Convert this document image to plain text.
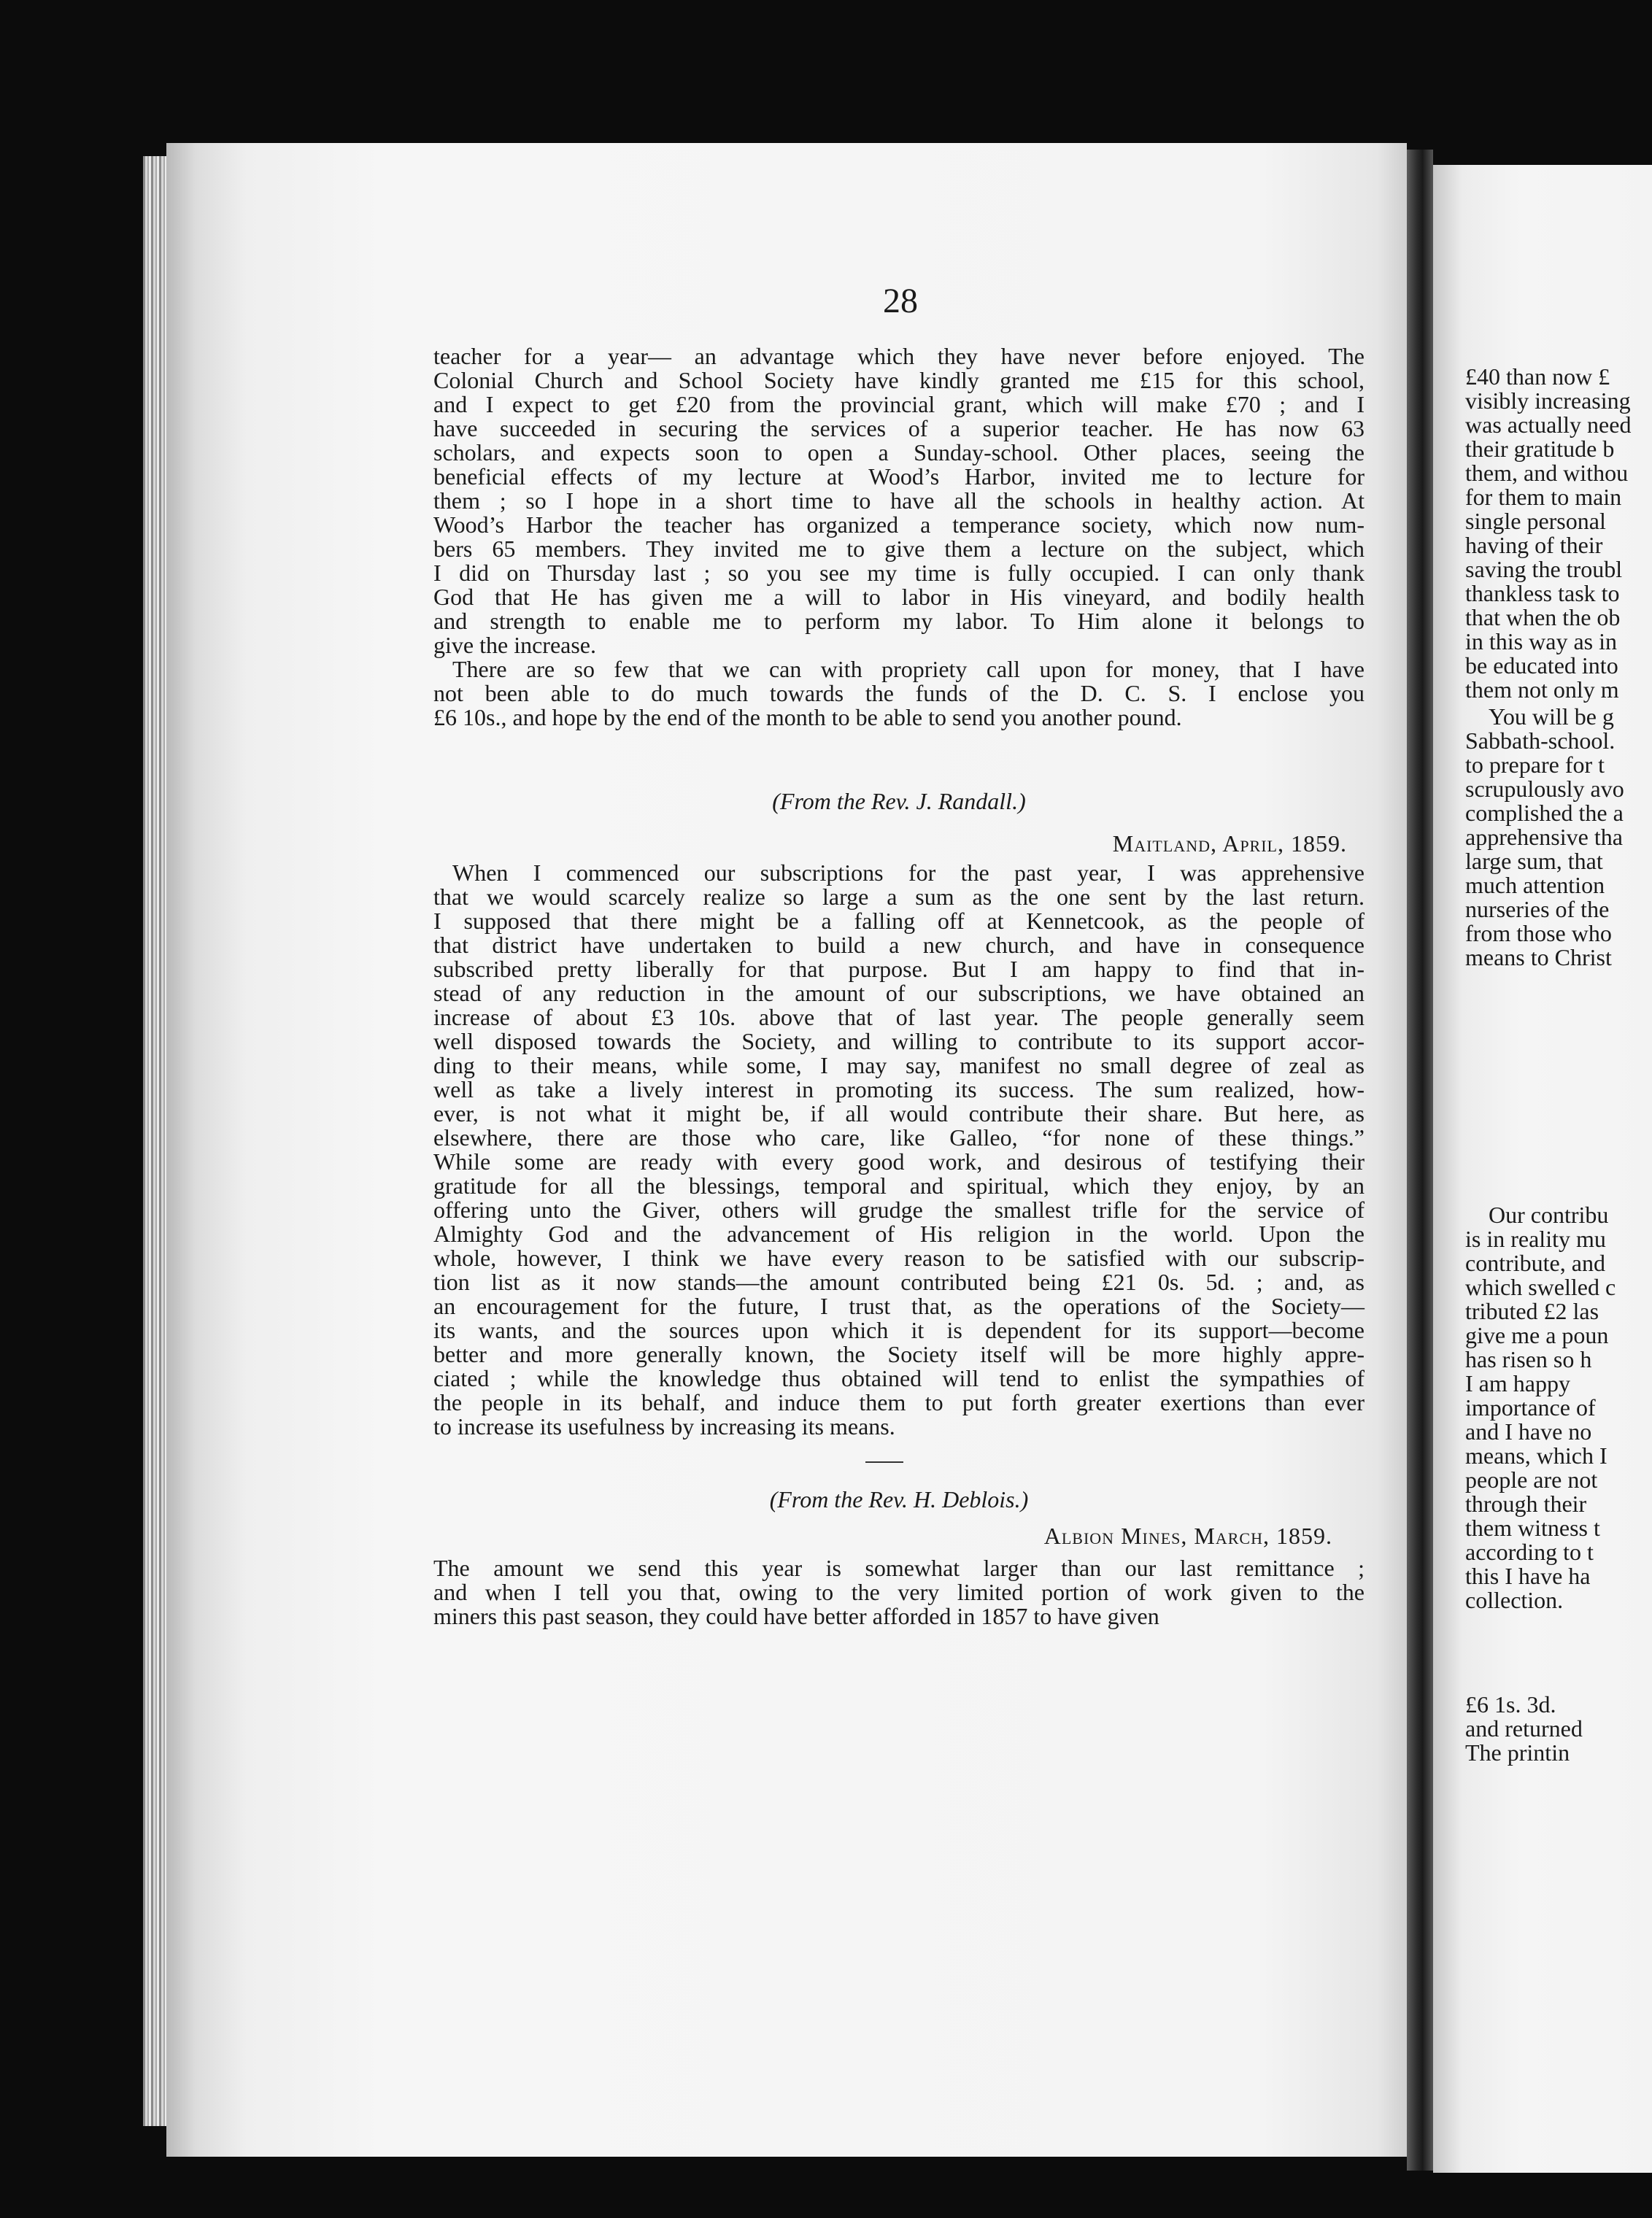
28
teacher for a year— an advantage which they have never before enjoyed. The
Colonial Church and School Society have kindly granted me £15 for this school,
and I expect to get £20 from the provincial grant, which will make £70 ; and I
have succeeded in securing the services of a superior teacher. He has now 63
scholars, and expects soon to open a Sunday-school. Other places, seeing the
beneficial effects of my lecture at Wood’s Harbor, invited me to lecture for
them ; so I hope in a short time to have all the schools in healthy action. At
Wood’s Harbor the teacher has organized a temperance society, which now num-
bers 65 members. They invited me to give them a lecture on the subject, which
I did on Thursday last ; so you see my time is fully occupied. I can only thank
God that He has given me a will to labor in His vineyard, and bodily health
and strength to enable me to perform my labor. To Him alone it belongs to
give the increase.
There are so few that we can with propriety call upon for money, that I have
not been able to do much towards the funds of the D. C. S. I enclose you
£6 10s., and hope by the end of the month to be able to send you another pound.
(From the Rev. J. Randall.)
Maitland, April, 1859.
When I commenced our subscriptions for the past year, I was apprehensive
that we would scarcely realize so large a sum as the one sent by the last return.
I supposed that there might be a falling off at Kennetcook, as the people of
that district have undertaken to build a new church, and have in consequence
subscribed pretty liberally for that purpose. But I am happy to find that in-
stead of any reduction in the amount of our subscriptions, we have obtained an
increase of about £3 10s. above that of last year. The people generally seem
well disposed towards the Society, and willing to contribute to its support accor-
ding to their means, while some, I may say, manifest no small degree of zeal as
well as take a lively interest in promoting its success. The sum realized, how-
ever, is not what it might be, if all would contribute their share. But here, as
elsewhere, there are those who care, like Galleo, “for none of these things.”
While some are ready with every good work, and desirous of testifying their
gratitude for all the blessings, temporal and spiritual, which they enjoy, by an
offering unto the Giver, others will grudge the smallest trifle for the service of
Almighty God and the advancement of His religion in the world. Upon the
whole, however, I think we have every reason to be satisfied with our subscrip-
tion list as it now stands—the amount contributed being £21 0s. 5d. ; and, as
an encouragement for the future, I trust that, as the operations of the Society—
its wants, and the sources upon which it is dependent for its support—become
better and more generally known, the Society itself will be more highly appre-
ciated ; while the knowledge thus obtained will tend to enlist the sympathies of
the people in its behalf, and induce them to put forth greater exertions than ever
to increase its usefulness by increasing its means.
(From the Rev. H. Deblois.)
Albion Mines, March, 1859.
The amount we send this year is somewhat larger than our last remittance ;
and when I tell you that, owing to the very limited portion of work given to the
miners this past season, they could have better afforded in 1857 to have given
£40 than now £
visibly increasing
was actually need
their gratitude b
them, and withou
for them to main
single personal
having of their
saving the troubl
thankless task to
that when the ob
in this way as in
be educated into
them not only m
You will be g
Sabbath-school.
to prepare for t
scrupulously avo
complished the a
apprehensive tha
large sum, that
much attention
nurseries of the
from those who
means to Christ
Our contribu
is in reality mu
contribute, and
which swelled c
tributed £2 las
give me a poun
has risen so h
I am happy
importance of
and I have no
means, which I
people are not
through their
them witness t
according to t
this I have ha
collection.
£6 1s. 3d.
and returned
The printin
